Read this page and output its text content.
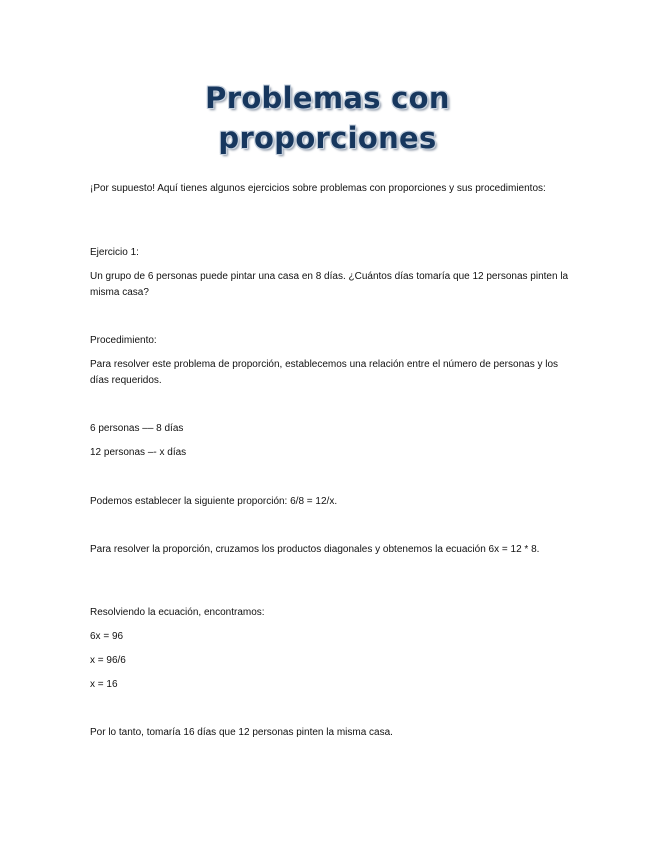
Problemas con
proporciones

¡Por supuesto! Aquí tienes algunos ejercicios sobre problemas con proporciones y sus procedimientos:

Ejercicio 1:

Un grupo de 6 personas puede pintar una casa en 8 días. ¿Cuántos días tomaría que 12 personas pinten la misma casa?

Procedimiento:

Para resolver este problema de proporción, establecemos una relación entre el número de personas y los días requeridos.

6 personas –– 8 días

12 personas –- x días

Podemos establecer la siguiente proporción: 6/8 = 12/x.

Para resolver la proporción, cruzamos los productos diagonales y obtenemos la ecuación 6x = 12 * 8.

Resolviendo la ecuación, encontramos:

6x = 96

x = 96/6

x = 16

Por lo tanto, tomaría 16 días que 12 personas pinten la misma casa.
